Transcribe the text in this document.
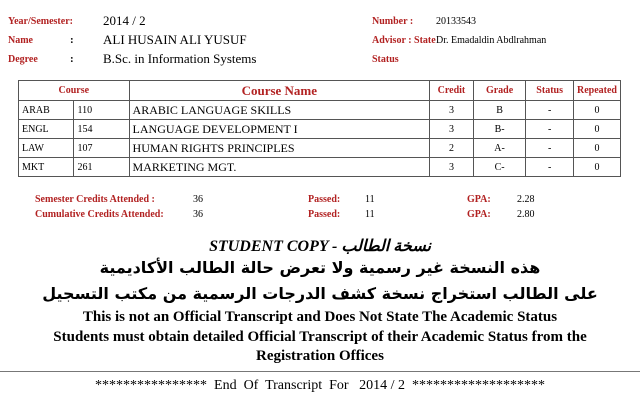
Year/Semester: 2014 / 2
Name	: ALI HUSAIN ALI YUSUF
Degree	: B.Sc. in Information Systems
Number : 20133543
Advisor : State Dr. Emadaldin Abdlrahman
Status
Course		Course Name	Credit	Grade	Status	Repeated
ARAB	110	ARABIC LANGUAGE SKILLS	3	B	-	0
ENGL	154	LANGUAGE DEVELOPMENT I	3	B-	-	0
LAW	107	HUMAN RIGHTS PRINCIPLES	2	A-	-	0
MKT	261	MARKETING MGT.	3	C-	-	0
Semester Credits Attended :	36	Passed: 11	GPA:	2.28
Cumulative Credits Attended:	36	Passed: 11	GPA:	2.80
STUDENT COPY - نسخة الطالب
هذه النسخة غير رسمية ولا تعرض حالة الطالب الأكاديمية
على الطالب استخراج نسخة كشف الدرجات الرسمية من مكتب التسجيل
This is not an Official Transcript and Does Not State The Academic Status
Students must obtain detailed Official Transcript of their Academic Status from the
Registration Offices
****************  End  Of  Transcript  For   2014 / 2  *******************
